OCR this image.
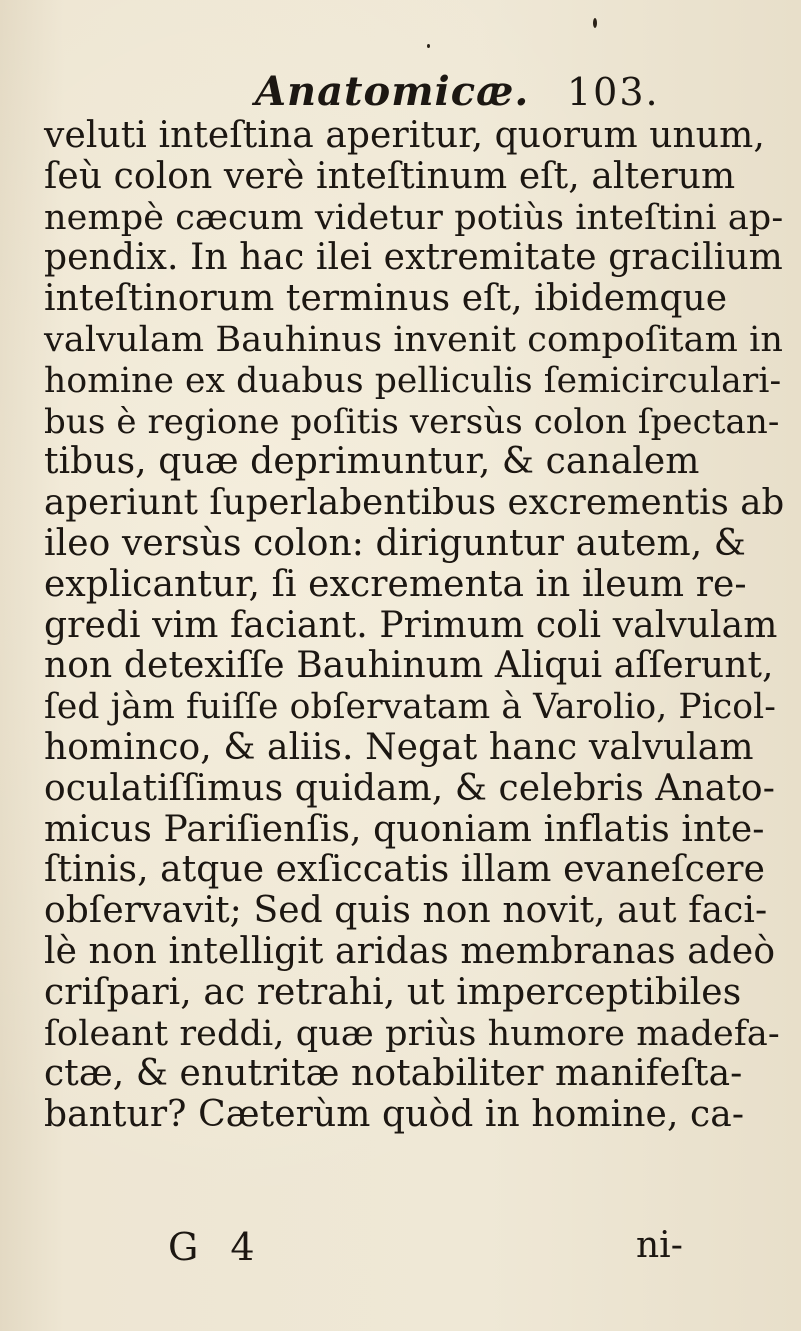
Anatomicæ. 103.
veluti inteſtina aperitur, quorum unum,
ſeù colon verè inteſtinum eſt, alterum
nempè cæcum videtur potiùs inteſtini ap-
pendix. In hac ilei extremitate gracilium
inteſtinorum terminus eſt, ibidemque
valvulam Bauhinus invenit compoſitam in
homine ex duabus pelliculis ſemicirculari-
bus è regione poſitis versùs colon ſpectan-
tibus, quæ deprimuntur, & canalem
aperiunt ſuperlabentibus excrementis ab
ileo versùs colon: diriguntur autem, &
explicantur, ſi excrementa in ileum re-
gredi vim faciant. Primum coli valvulam
non detexiſſe Bauhinum Aliqui aſſerunt,
ſed jàm fuiſſe obſervatam à Varolio, Picol-
hominco, & aliis. Negat hanc valvulam
oculatiſſimus quidam, & celebris Anato-
micus Pariſienſis, quoniam inflatis inte-
ſtinis, atque exſiccatis illam evaneſcere
obſervavit; Sed quis non novit, aut faci-
lè non intelligit aridas membranas adeò
criſpari, ac retrahi, ut imperceptibiles
ſoleant reddi, quæ priùs humore madefa-
ctæ, & enutritæ notabiliter manifeſta-
bantur? Cæterùm quòd in homine, ca-
G 4	ni-
